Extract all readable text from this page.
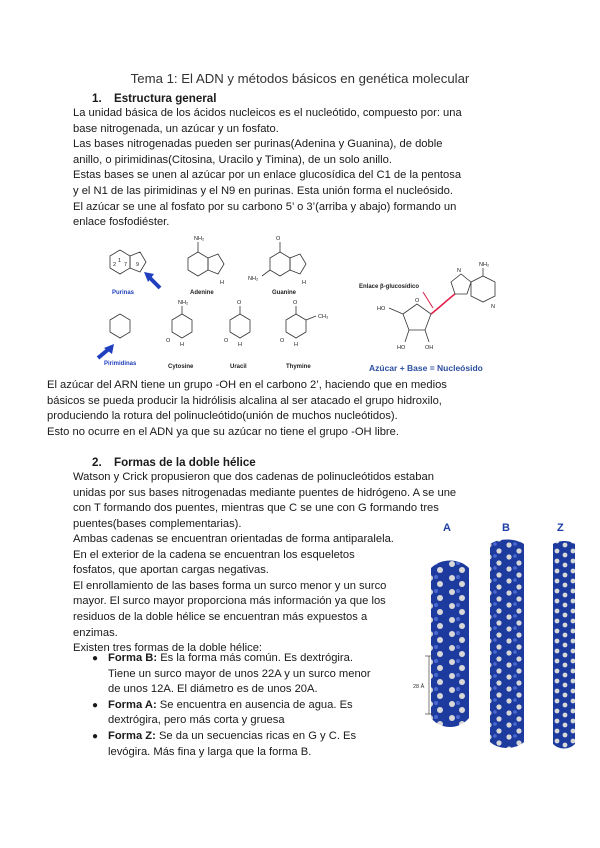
Tema 1: El ADN y métodos básicos en genética molecular
1. Estructura general

La unidad básica de los ácidos nucleicos es el nucleótido, compuesto por: una base nitrogenada, un azúcar y un fosfato.

Las bases nitrogenadas pueden ser purinas(Adenina y Guanina), de doble anillo, o pirimidinas(Citosina, Uracilo y Timina), de un solo anillo.

Estas bases se unen al azúcar por un enlace glucosídica del C1 de la pentosa y el N1 de las pirimidinas y el N9 en purinas. Esta unión forma el nucleósido.

El azúcar se une al fosfato por su carbono 5’ o 3’(arriba y abajo) formando un enlace fosfodiéster.

1
2 7 9
NH₂	O
NH₂
H	H
NH₂	O	O
CH₃
O	O	O
H	H	H
Purinas
Pirimidinas
Adenine	Guanine
Cytosine	Uracil	Thymine
HO
O
HO	OH
N
NH₂
N
Enlace β-glucosídico
Azúcar + Base = Nucleósido

El azúcar del ARN tiene un grupo -OH en el carbono 2’, haciendo que en medios básicos se pueda producir la hidrólisis alcalina al ser atacado el grupo hidroxilo, produciendo la rotura del polinucleótido(unión de muchos nucleótidos).

Esto no ocurre en el ADN ya que su azúcar no tiene el grupo -OH libre.

2. Formas de la doble hélice

Watson y Crick propusieron que dos cadenas de polinucleótidos estaban unidas por sus bases nitrogenadas mediante puentes de hidrógeno. A se une con T formando dos puentes, mientras que C se une con G formando tres puentes(bases complementarias).

Ambas cadenas se encuentran orientadas de forma antiparalela.

En el exterior de la cadena se encuentran los esqueletos fosfatos, que aportan cargas negativas.

El enrollamiento de las bases forma un surco menor y un surco mayor. El surco mayor proporciona más información ya que los residuos de la doble hélice se encuentran más expuestos a enzimas.

Existen tres formas de la doble hélice:

● Forma B: Es la forma más común. Es dextrógira. Tiene un surco mayor de unos 22A y un surco menor de unos 12A. El diámetro es de unos 20A.
● Forma A: Se encuentra en ausencia de agua. Es dextrógira, pero más corta y gruesa
● Forma Z: Se da un secuencias ricas en G y C. Es levógira. Más fina y larga que la forma B.
A	B	Z
28 Å
